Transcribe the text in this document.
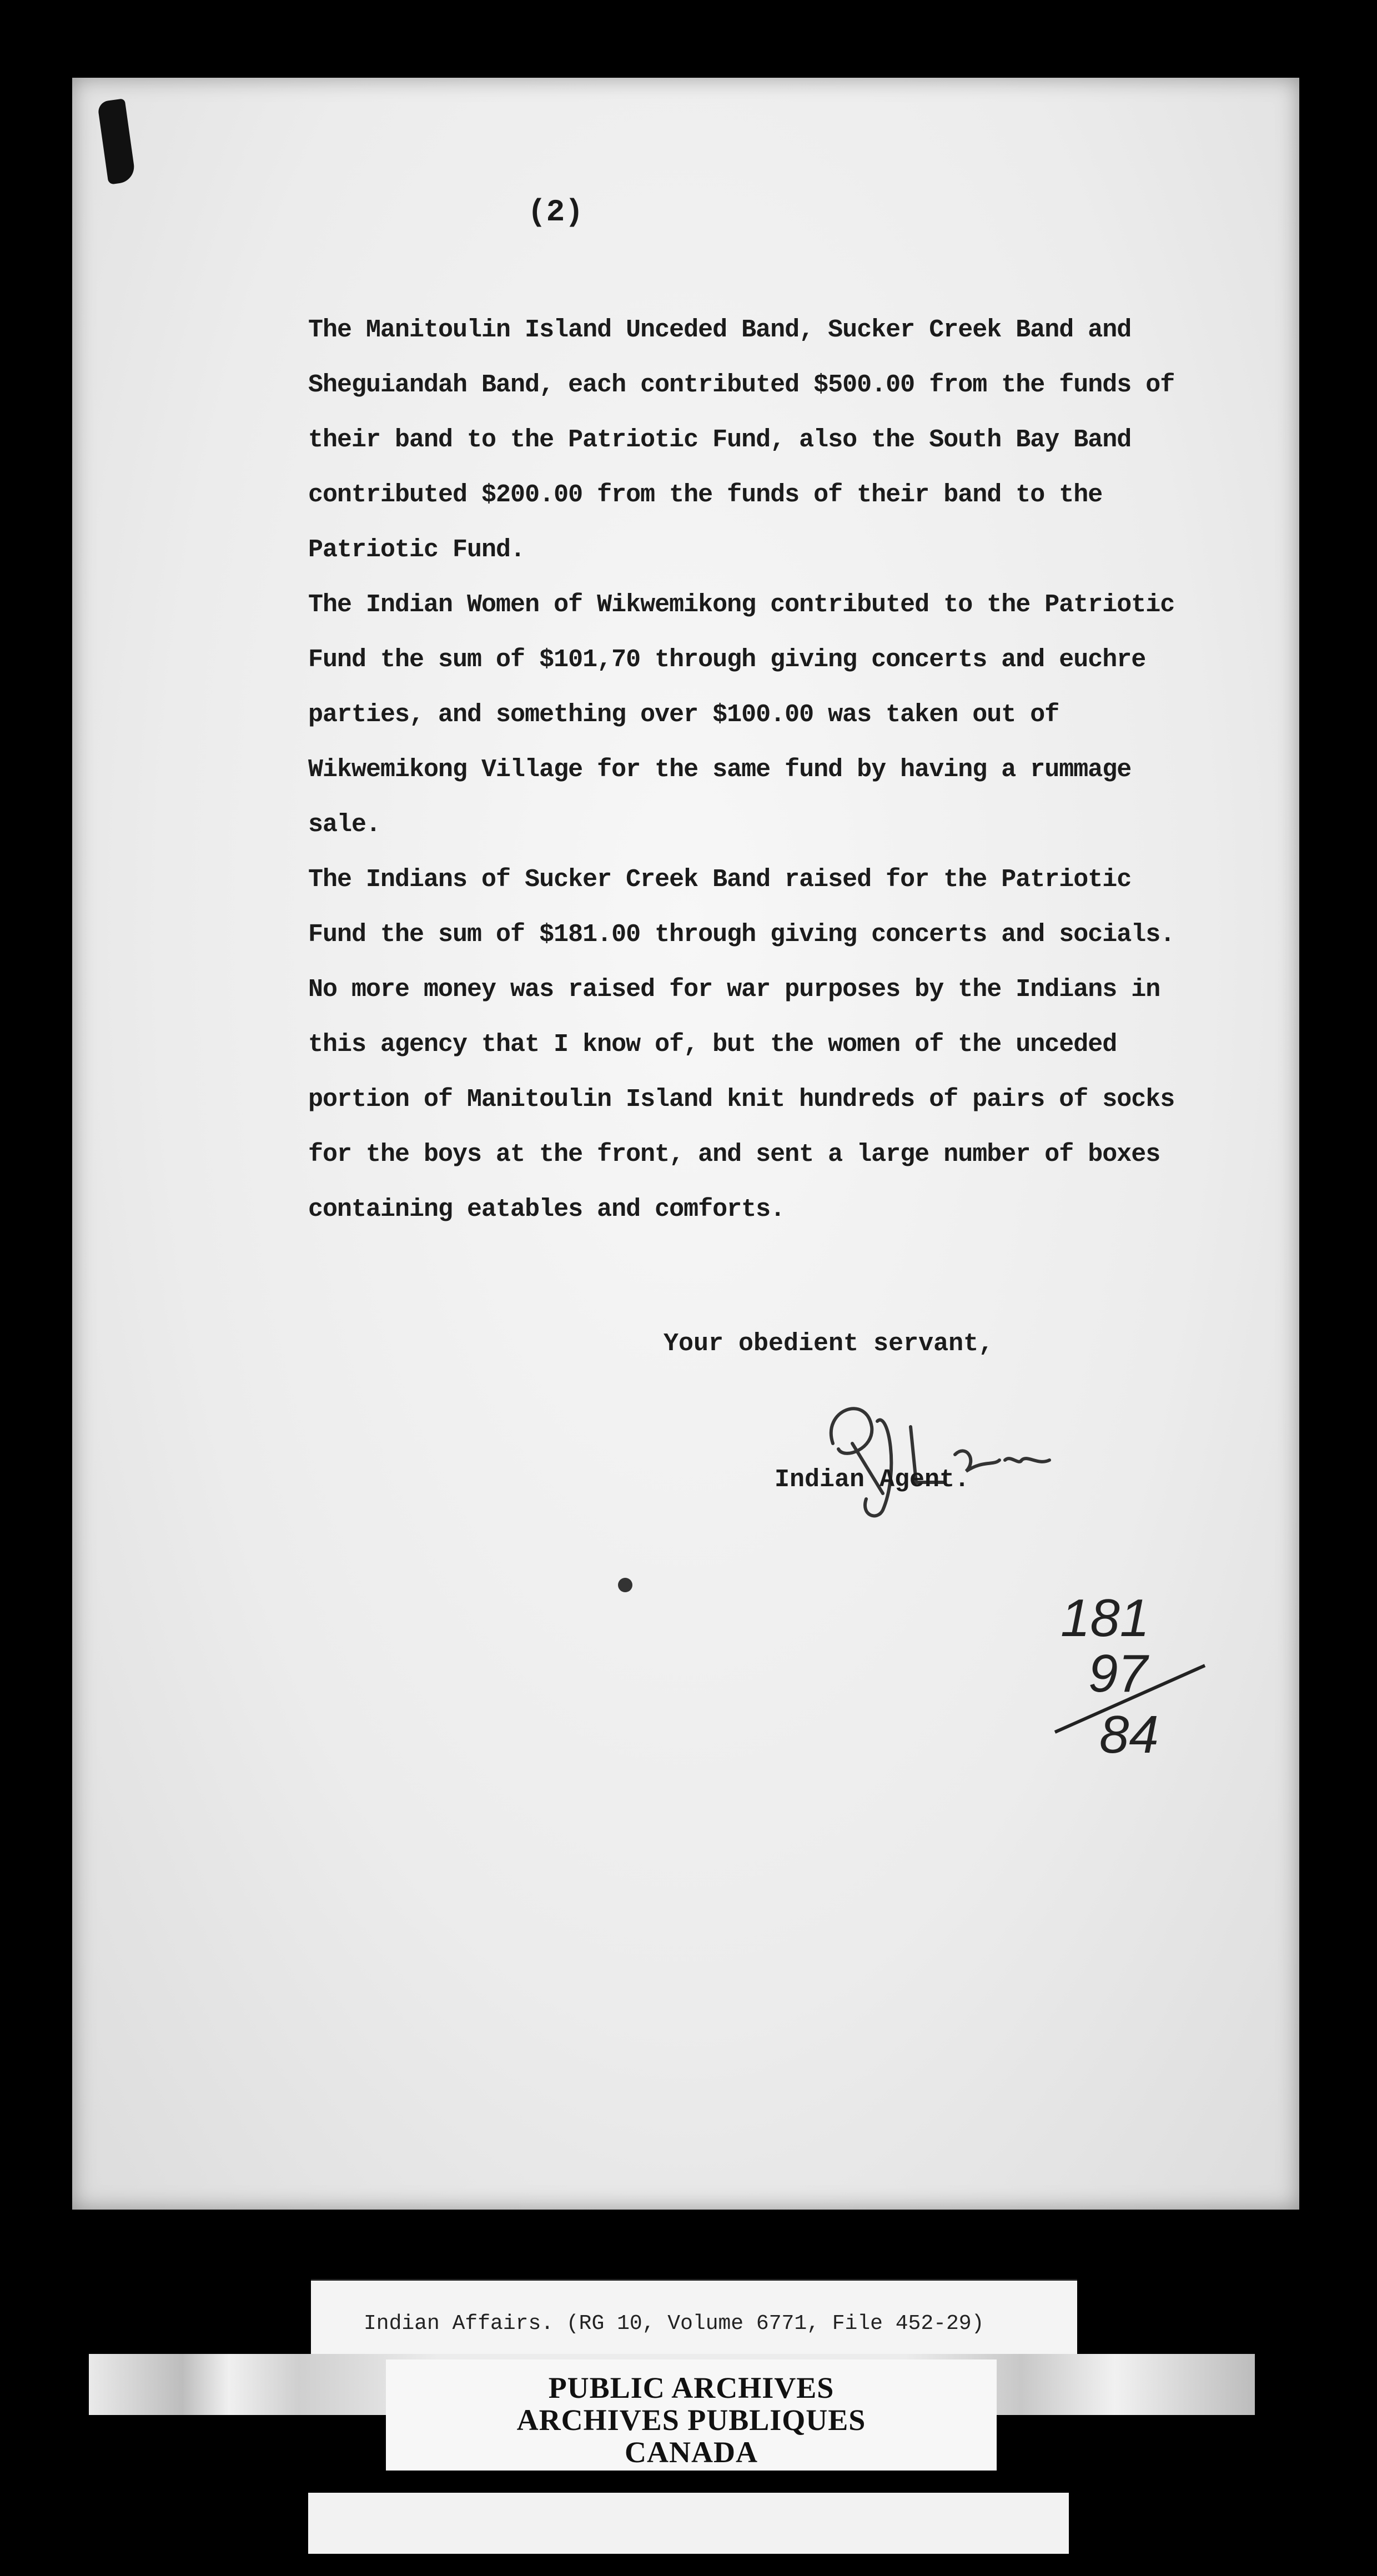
(2)

The Manitoulin Island Unceded Band, Sucker Creek Band and Sheguiandah Band, each contributed $500.00 from the funds of their band to the Patriotic Fund, also the South Bay Band contributed $200.00 from the funds of their band to the Patriotic Fund.

The Indian Women of Wikwemikong contributed to the Patriotic Fund the sum of $101,70 through giving concerts and euchre parties, and something over $100.00 was taken out of Wikwemikong Village for the same fund by having a rummage sale.

The Indians of Sucker Creek Band raised for the Patriotic Fund the sum of $181.00 through giving concerts and socials.

No more money was raised for war purposes by the Indians in this agency that I know of, but the women of the unceded portion of Manitoulin Island knit hundreds of pairs of socks for the boys at the front, and sent a large number of boxes containing eatables and comforts.

Your obedient servant,
Indian Agent.
181
97
84
Indian Affairs. (RG 10, Volume 6771, File 452-29)
PUBLIC ARCHIVES
ARCHIVES PUBLIQUES
CANADA
